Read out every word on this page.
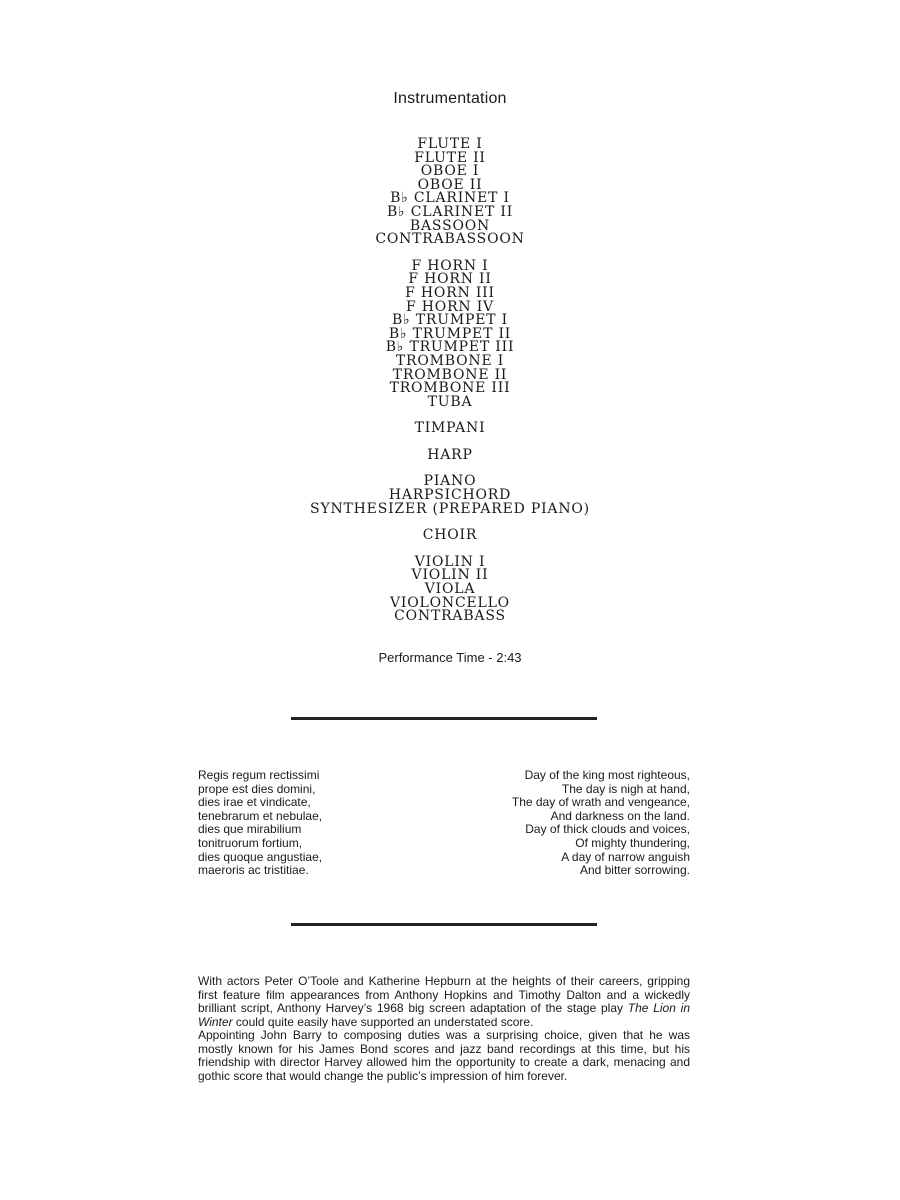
Instrumentation
FLUTE I
FLUTE II
OBOE I
OBOE II
B♭ CLARINET I
B♭ CLARINET II
BASSOON
CONTRABASSOON
F HORN I
F HORN II
F HORN III
F HORN IV
B♭ TRUMPET I
B♭ TRUMPET II
B♭ TRUMPET III
TROMBONE I
TROMBONE II
TROMBONE III
TUBA
TIMPANI
HARP
PIANO
HARPSICHORD
SYNTHESIZER (PREPARED PIANO)
CHOIR
VIOLIN I
VIOLIN II
VIOLA
VIOLONCELLO
CONTRABASS
Performance Time - 2:43
Regis regum rectissimi
prope est dies domini,
dies irae et vindicate,
tenebrarum et nebulae,
dies que mirabilium
tonitruorum fortium,
dies quoque angustiae,
maeroris ac tristitiae.
Day of the king most righteous,
The day is nigh at hand,
The day of wrath and vengeance,
And darkness on the land.
Day of thick clouds and voices,
Of mighty thundering,
A day of narrow anguish
And bitter sorrowing.

With actors Peter O’Toole and Katherine Hepburn at the heights of their careers, gripping first feature film appearances from Anthony Hopkins and Timothy Dalton and a wickedly brilliant script, Anthony Harvey’s 1968 big screen adaptation of the stage play The Lion in Winter could quite easily have supported an understated score.

Appointing John Barry to composing duties was a surprising choice, given that he was mostly known for his James Bond scores and jazz band recordings at this time, but his friendship with director Harvey allowed him the opportunity to create a dark, menacing and gothic score that would change the public’s impression of him forever.
